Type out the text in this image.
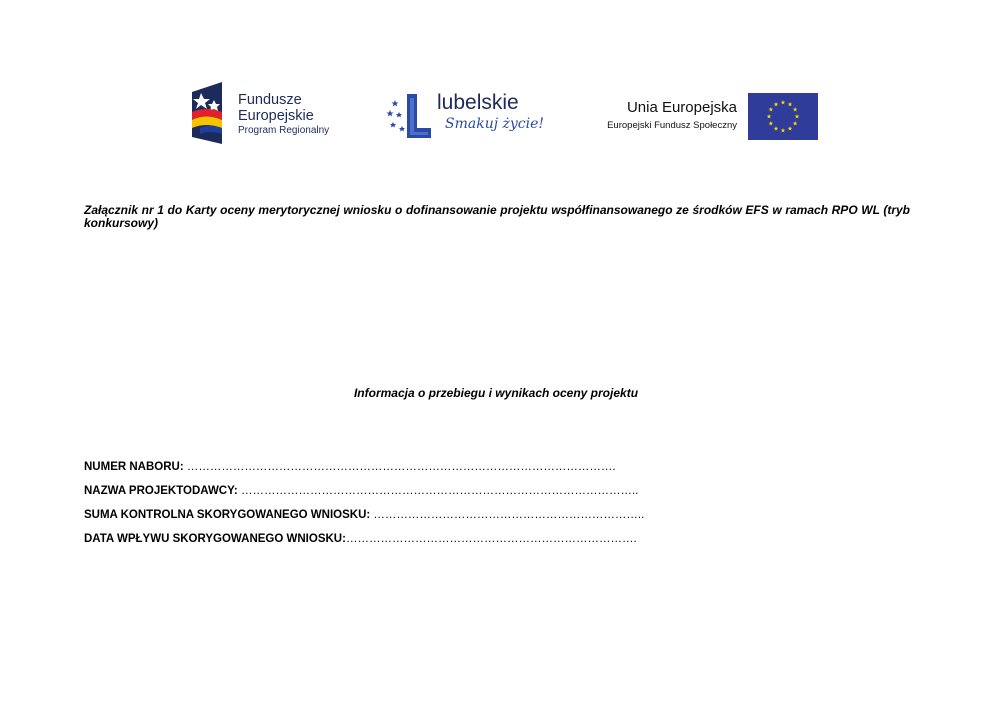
Fundusze
Europejskie
Program Regionalny
lubelskie
Smakuj życie!
Unia Europejska
Europejski Fundusz Społeczny
Załącznik nr 1 do Karty oceny merytorycznej wniosku o dofinansowanie projektu współfinansowanego ze środków EFS w ramach RPO WL (tryb konkursowy)
Informacja o przebiegu i wynikach oceny projektu
NUMER NABORU: ………………………………………………………………………………………………….
NAZWA PROJEKTODAWCY: …………………………………………………………………………………………..
SUMA KONTROLNA SKORYGOWANEGO WNIOSKU: ……………………………………………………………..
DATA WPŁYWU SKORYGOWANEGO WNIOSKU:………………………………………………………………….
